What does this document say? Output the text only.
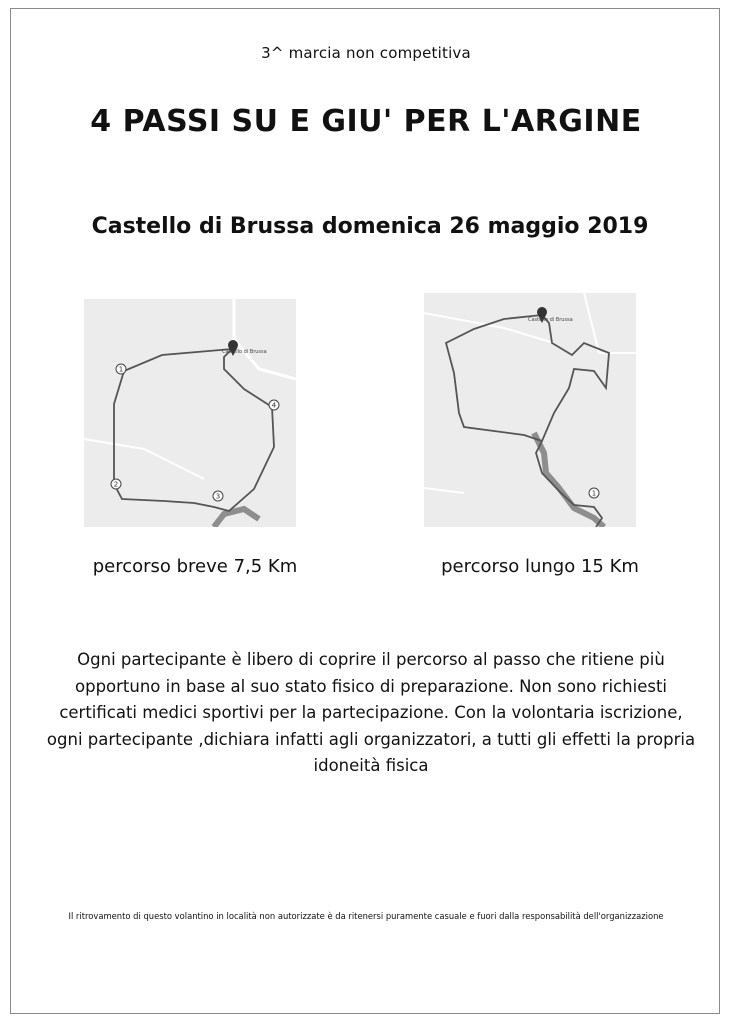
3^ marcia non competitiva
4 PASSI SU E GIU' PER L'ARGINE
Castello di Brussa domenica 26 maggio 2019
Castello di Brussa
1
2
3
4
Castello di Brussa
1
percorso breve 7,5 Km	percorso lungo 15 Km
Ogni partecipante è libero di coprire il percorso al passo che ritiene più opportuno in base al suo stato fisico di preparazione. Non sono richiesti certificati medici sportivi per la partecipazione. Con la volontaria iscrizione, ogni partecipante ,dichiara infatti agli organizzatori, a tutti gli effetti la propria idoneità fisica
Il ritrovamento di questo volantino in località non autorizzate è da ritenersi puramente casuale e fuori dalla responsabilità dell'organizzazione
